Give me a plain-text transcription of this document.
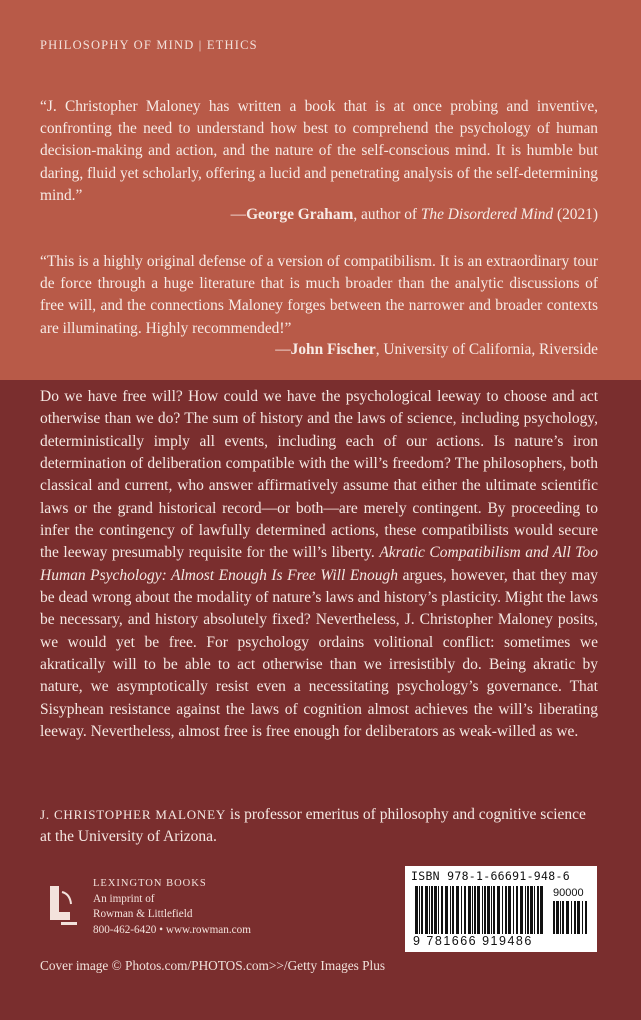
PHILOSOPHY OF MIND | ETHICS
“J. Christopher Maloney has written a book that is at once probing and inventive, confronting the need to understand how best to comprehend the psychology of human decision-making and action, and the nature of the self-conscious mind. It is humble but daring, fluid yet scholarly, offering a lucid and penetrating analysis of the self-determining mind.”
—George Graham, author of The Disordered Mind (2021)
“This is a highly original defense of a version of compatibilism. It is an extraordinary tour de force through a huge literature that is much broader than the analytic discussions of free will, and the connections Maloney forges between the narrower and broader contexts are illuminating. Highly recommended!”
—John Fischer, University of California, Riverside
Do we have free will? How could we have the psychological leeway to choose and act otherwise than we do? The sum of history and the laws of science, including psychology, deterministically imply all events, including each of our actions. Is nature’s iron determination of deliberation compatible with the will’s freedom? The philosophers, both classical and current, who answer affirmatively assume that either the ultimate scientific laws or the grand historical record—or both—are merely contingent. By proceeding to infer the contingency of lawfully determined actions, these compatibilists would secure the leeway presumably requisite for the will’s liberty. Akratic Compatibilism and All Too Human Psychology: Almost Enough Is Free Will Enough argues, however, that they may be dead wrong about the modality of nature’s laws and history’s plasticity. Might the laws be necessary, and history absolutely fixed? Nevertheless, J. Christopher Maloney posits, we would yet be free. For psychology ordains volitional conflict: sometimes we akratically will to be able to act otherwise than we irresistibly do. Being akratic by nature, we asymptotically resist even a necessitating psychology’s governance. That Sisyphean resistance against the laws of cognition almost achieves the will’s liberating leeway. Nevertheless, almost free is free enough for deliberators as weak-willed as we.
J. CHRISTOPHER MALONEY is professor emeritus of philosophy and cognitive science at the University of Arizona.
LEXINGTON BOOKS
An imprint of
Rowman & Littlefield
800-462-6420 • www.rowman.com
ISBN 978-1-66691-948-6
90000
9 781666 919486
Cover image © Photos.com/PHOTOS.com>>/Getty Images Plus
